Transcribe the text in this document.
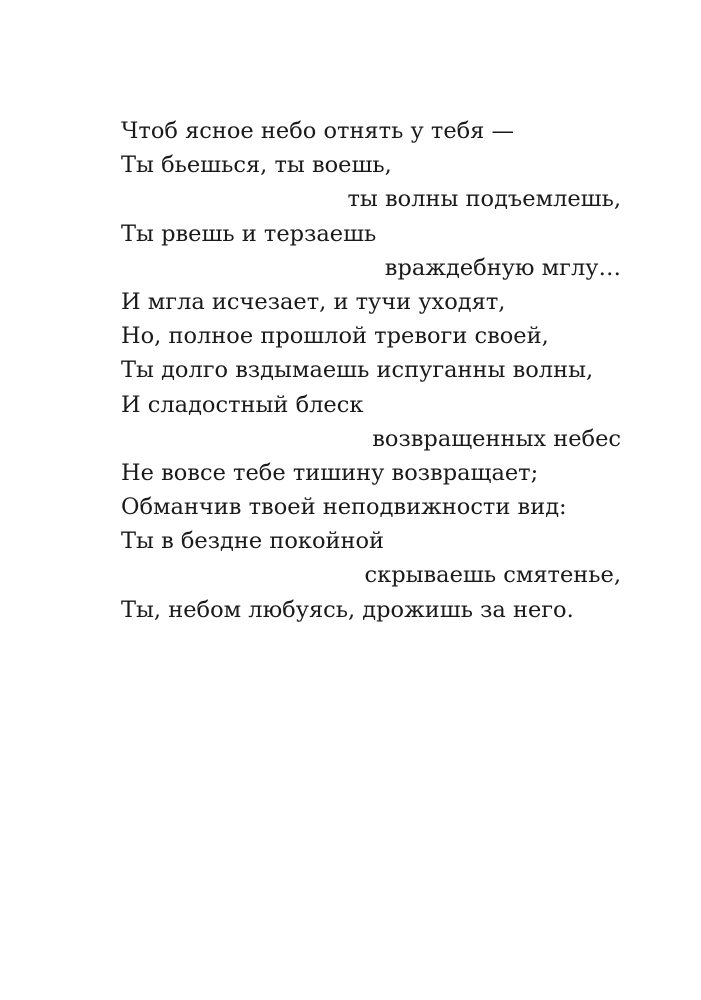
Чтоб ясное небо отнять у тебя —
Ты бьешься, ты воешь,
ты волны подъемлешь,
Ты рвешь и терзаешь
враждебную мглу…
И мгла исчезает, и тучи уходят,
Но, полное прошлой тревоги своей,
Ты долго вздымаешь испуганны волны,
И сладостный блеск
возвращенных небес
Не вовсе тебе тишину возвращает;
Обманчив твоей неподвижности вид:
Ты в бездне покойной
скрываешь смятенье,
Ты, небом любуясь, дрожишь за него.
